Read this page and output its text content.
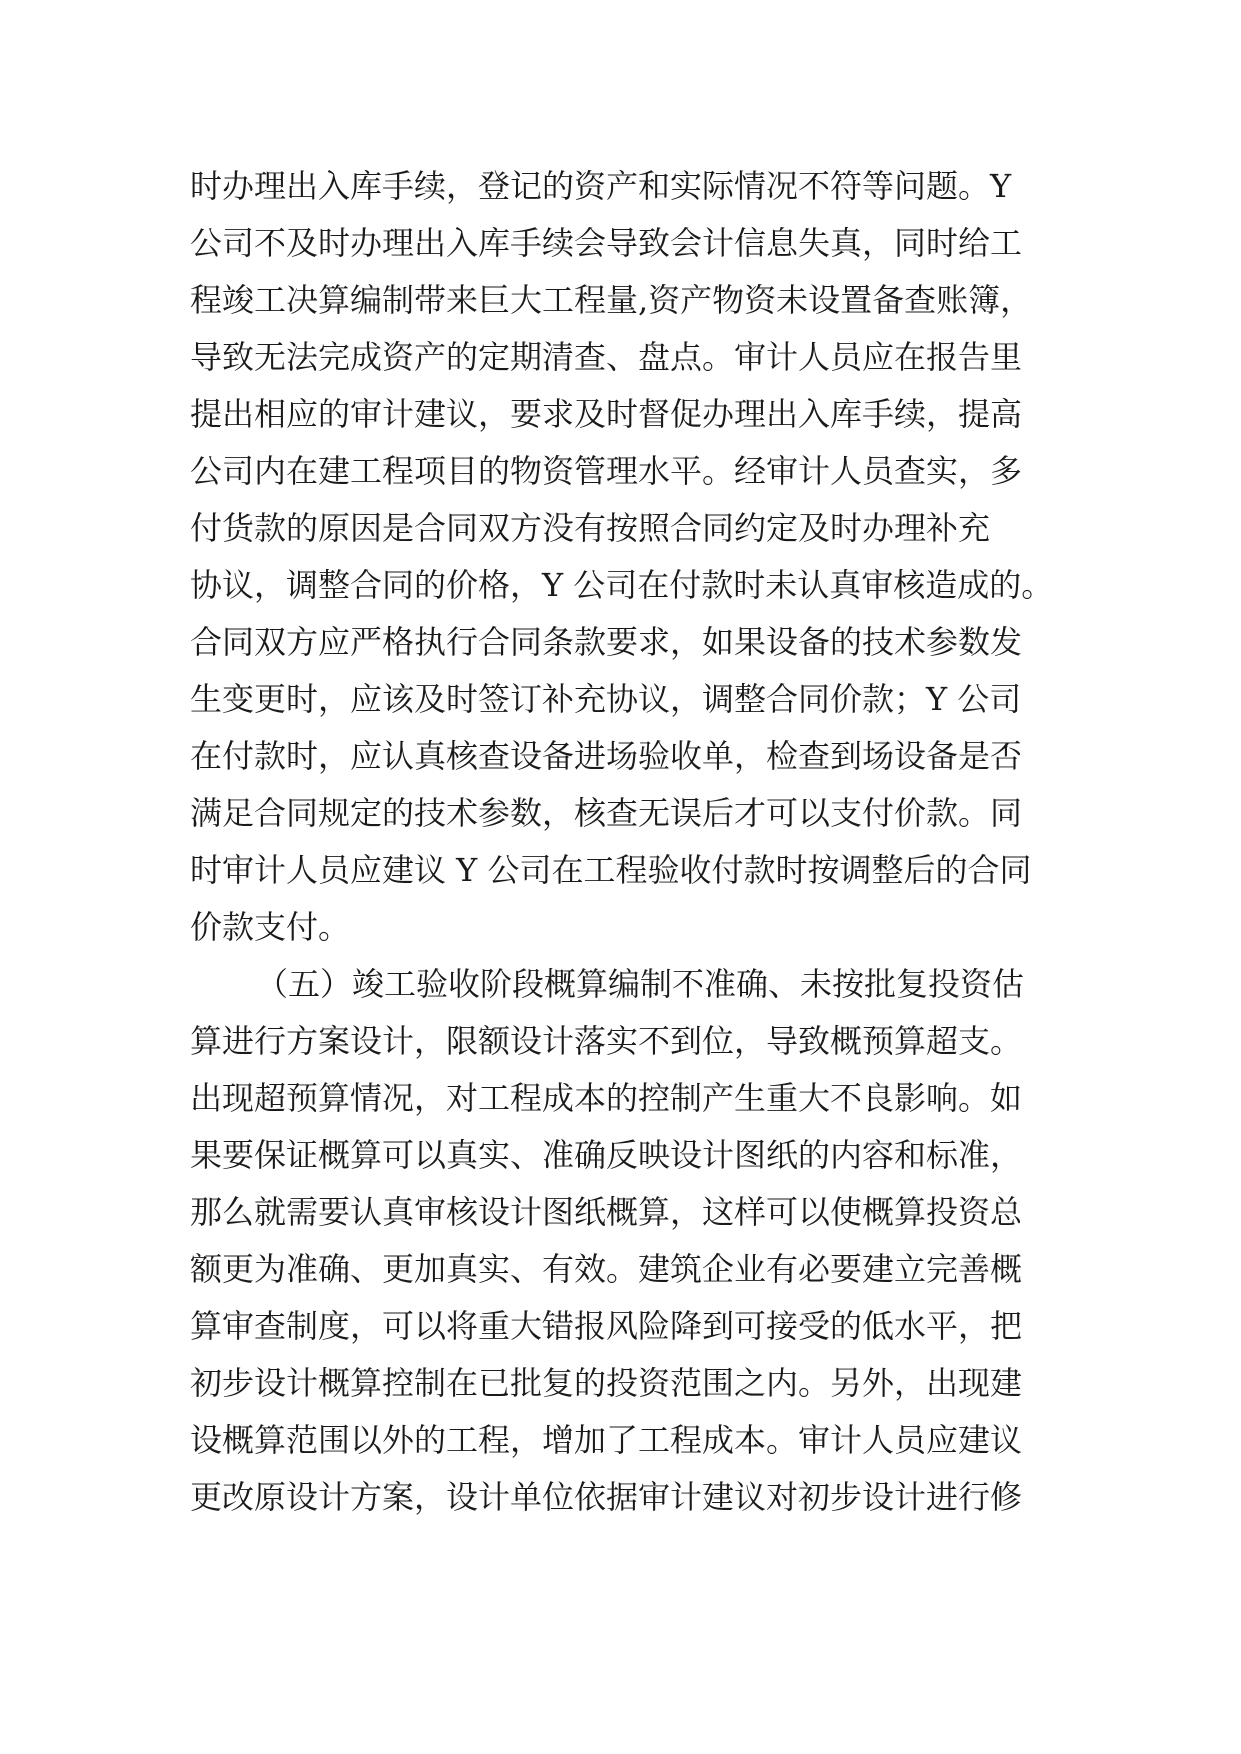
时办理出入库手续，登记的资产和实际情况不符等问题。Y
公司不及时办理出入库手续会导致会计信息失真，同时给工
程竣工决算编制带来巨大工程量,资产物资未设置备查账簿，
导致无法完成资产的定期清查、盘点。审计人员应在报告里
提出相应的审计建议，要求及时督促办理出入库手续，提高
公司内在建工程项目的物资管理水平。经审计人员查实，多
付货款的原因是合同双方没有按照合同约定及时办理补充
协议，调整合同的价格，Y 公司在付款时未认真审核造成的。
合同双方应严格执行合同条款要求，如果设备的技术参数发
生变更时，应该及时签订补充协议，调整合同价款；Y 公司
在付款时，应认真核查设备进场验收单，检查到场设备是否
满足合同规定的技术参数，核查无误后才可以支付价款。同
时审计人员应建议 Y 公司在工程验收付款时按调整后的合同
价款支付。
（五）竣工验收阶段概算编制不准确、未按批复投资估
算进行方案设计，限额设计落实不到位，导致概预算超支。
出现超预算情况，对工程成本的控制产生重大不良影响。如
果要保证概算可以真实、准确反映设计图纸的内容和标准，
那么就需要认真审核设计图纸概算，这样可以使概算投资总
额更为准确、更加真实、有效。建筑企业有必要建立完善概
算审查制度，可以将重大错报风险降到可接受的低水平，把
初步设计概算控制在已批复的投资范围之内。另外，出现建
设概算范围以外的工程，增加了工程成本。审计人员应建议
更改原设计方案，设计单位依据审计建议对初步设计进行修
